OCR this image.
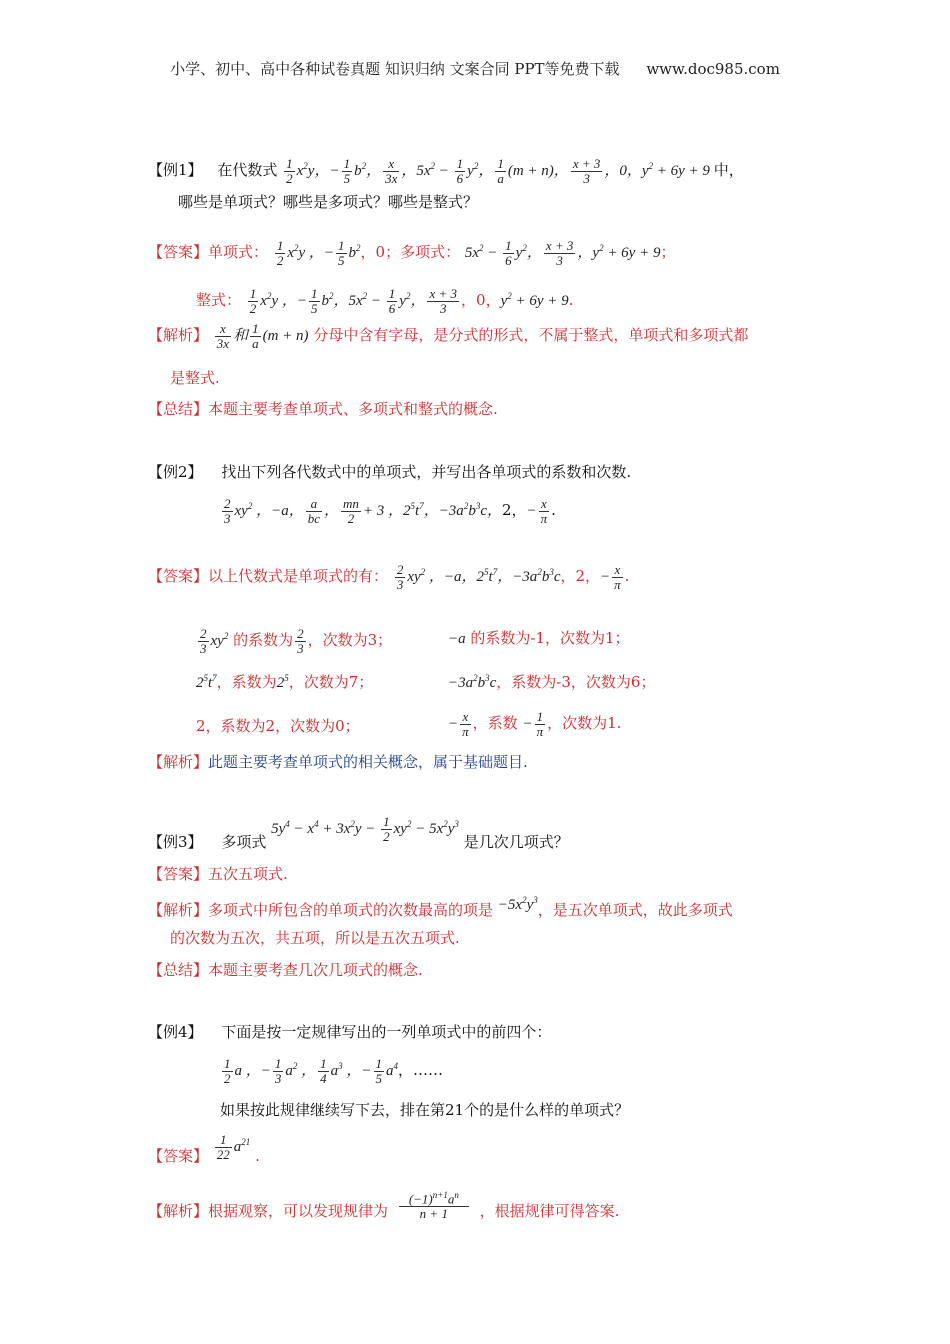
小学、初中、高中各种试卷真题 知识归纳 文案合同 PPT等免费下载 www.doc985.com
【例1】 在代数式 $\frac{1}{2} x^2y$，− $\frac{1}{5} b^2$， $\frac{x}{3x}$ ，$5x^2 - \frac{1}{6} y^2$， $\frac{1}{a} (m + n)$， $\frac{x + 3}{3}$ ，0，$y^2 + 6y + 9$ 中，
哪些是单项式？哪些是多项式？哪些是整式？
【答案】单项式： $\frac{1}{2} x^2y$ ，− $\frac{1}{5} b^2$，0；多项式： $5x^2 - \frac{1}{6} y^2$， $\frac{x + 3}{3}$ ，$y^2 + 6y + 9$；
整式： $\frac{1}{2} x^2y$ ，− $\frac{1}{5} b^2$，$5x^2 - \frac{1}{6} y^2$， $\frac{x + 3}{3}$ ，0，$y^2 + 6y + 9$.
【解析】 $\frac{x}{3x}$ 和 $\frac{1}{a} (m + n)$ 分母中含有字母，是分式的形式，不属于整式，单项式和多项式都
是整式.
【总结】本题主要考查单项式、多项式和整式的概念.
【例2】 找出下列各代数式中的单项式，并写出各单项式的系数和次数.
$\frac{2}{3} xy^2$ ，−a， $\frac{a}{bc}$ ， $\frac{mn}{2} + 3$ ，$2^5t^7$，$-3a^2b^3c$，2，− $\frac{x}{\pi}$ .
【答案】以上代数式是单项式的有： $\frac{2}{3} xy^2$ ，−a，$2^5t^7$，$-3a^2b^3c$，2，− $\frac{x}{\pi}$ .
$\frac{2}{3} xy^2$ 的系数为 $\frac{2}{3}$ ，次数为3；	−a 的系数为-1，次数为1；
$2^5t^7$，系数为$2^5$，次数为7；	$-3a^2b^3c$，系数为-3，次数为6；
2，系数为2，次数为0；	− $\frac{x}{\pi}$ ，系数 − $\frac{1}{\pi}$ ，次数为1.
【解析】此题主要考查单项式的相关概念，属于基础题目.
【例3】 多项式 $5y^4 - x^4 + 3x^2y - \frac{1}{2} xy^2 - 5x^2y^3$ 是几次几项式？
【答案】五次五项式.
【解析】多项式中所包含的单项式的次数最高的项是 $-5x^2y^3$，是五次单项式，故此多项式
的次数为五次，共五项，所以是五次五项式.
【总结】本题主要考查几次几项式的概念.
【例4】 下面是按一定规律写出的一列单项式中的前四个：
$\frac{1}{2}$ a ，− $\frac{1}{3} a^2$ ， $\frac{1}{4} a^3$ ，− $\frac{1}{5} a^4$，……
如果按此规律继续写下去，排在第21个的是什么样的单项式？
【答案】 $\frac{1}{22} a^{21}$ .
【解析】根据观察，可以发现规律为 $\frac{(-1)^{n+1}a^n}{n + 1}$ ，根据规律可得答案.
